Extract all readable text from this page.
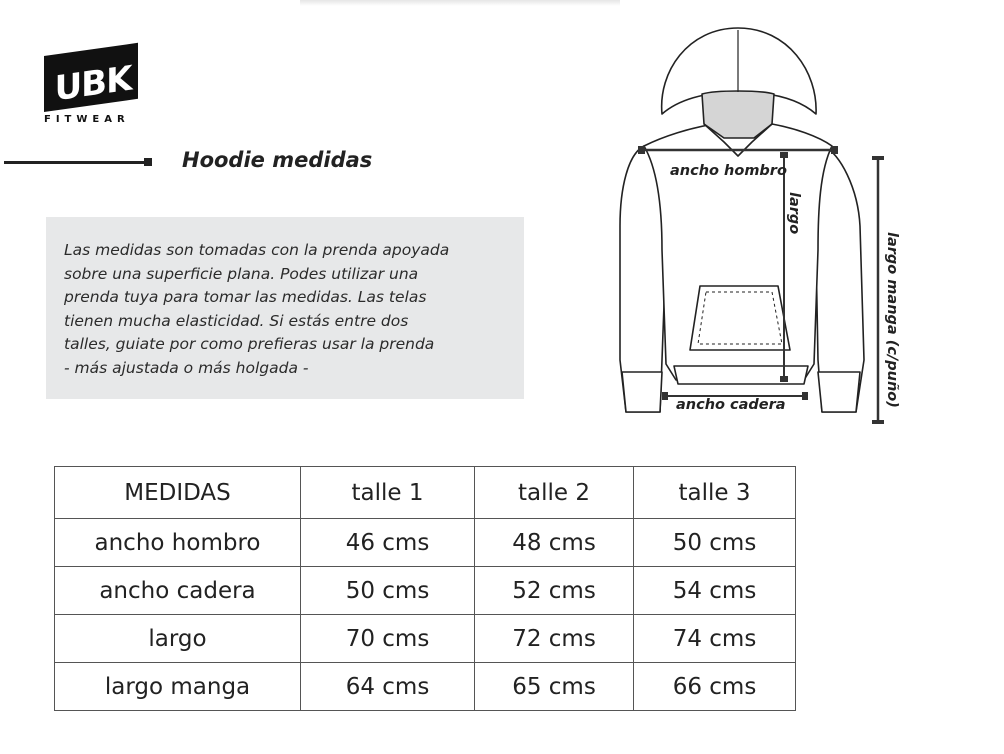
UBK
FITWEAR
Hoodie medidas
Las medidas son tomadas con la prenda apoyada
sobre una superficie plana. Podes utilizar una
prenda tuya para tomar las medidas. Las telas
tienen mucha elasticidad. Si estás entre dos
talles, guiate por como prefieras usar la prenda
- más ajustada o más holgada -
ancho hombro
largo
largo manga (c/puño)
ancho cadera
MEDIDAS	talle 1	talle 2	talle 3
ancho hombro	46 cms	48 cms	50 cms
ancho cadera	50 cms	52 cms	54 cms
largo	70 cms	72 cms	74 cms
largo manga	64 cms	65 cms	66 cms
